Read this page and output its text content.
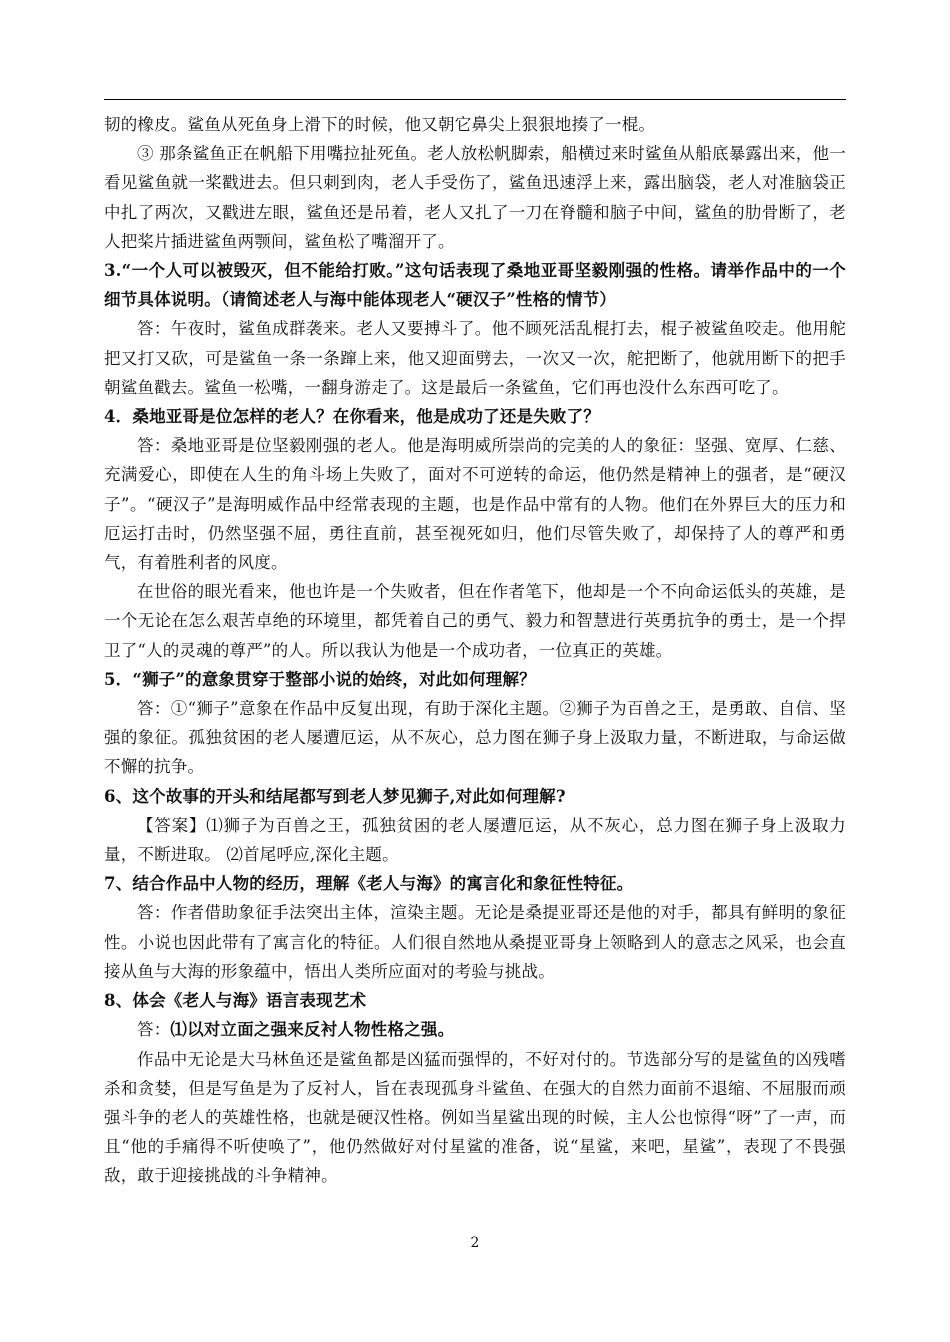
韧的橡皮。鲨鱼从死鱼身上滑下的时候，他又朝它鼻尖上狠狠地揍了一棍。

③ 那条鲨鱼正在帆船下用嘴拉扯死鱼。老人放松帆脚索，船横过来时鲨鱼从船底暴露出来，他一看见鲨鱼就一桨戳进去。但只刺到肉，老人手受伤了，鲨鱼迅速浮上来，露出脑袋，老人对准脑袋正中扎了两次，又戳进左眼，鲨鱼还是吊着，老人又扎了一刀在脊髓和脑子中间，鲨鱼的肋骨断了，老人把桨片插进鲨鱼两颚间，鲨鱼松了嘴溜开了。

3.“一个人可以被毁灭，但不能给打败。”这句话表现了桑地亚哥坚毅刚强的性格。请举作品中的一个细节具体说明。（请简述老人与海中能体现老人“硬汉子”性格的情节）

答：午夜时，鲨鱼成群袭来。老人又要搏斗了。他不顾死活乱棍打去，棍子被鲨鱼咬走。他用舵把又打又砍，可是鲨鱼一条一条蹿上来，他又迎面劈去，一次又一次，舵把断了，他就用断下的把手朝鲨鱼戳去。鲨鱼一松嘴，一翻身游走了。这是最后一条鲨鱼，它们再也没什么东西可吃了。

4．桑地亚哥是位怎样的老人？在你看来，他是成功了还是失败了？

答：桑地亚哥是位坚毅刚强的老人。他是海明威所崇尚的完美的人的象征：坚强、宽厚、仁慈、充满爱心，即使在人生的角斗场上失败了，面对不可逆转的命运，他仍然是精神上的强者，是“硬汉子”。“硬汉子”是海明威作品中经常表现的主题，也是作品中常有的人物。他们在外界巨大的压力和厄运打击时，仍然坚强不屈，勇往直前，甚至视死如归，他们尽管失败了，却保持了人的尊严和勇气，有着胜利者的风度。

在世俗的眼光看来，他也许是一个失败者，但在作者笔下，他却是一个不向命运低头的英雄，是一个无论在怎么艰苦卓绝的环境里，都凭着自己的勇气、毅力和智慧进行英勇抗争的勇士，是一个捍卫了“人的灵魂的尊严”的人。所以我认为他是一个成功者，一位真正的英雄。

5．“狮子”的意象贯穿于整部小说的始终，对此如何理解？

答：①“狮子”意象在作品中反复出现，有助于深化主题。②狮子为百兽之王，是勇敢、自信、坚强的象征。孤独贫困的老人屡遭厄运，从不灰心，总力图在狮子身上汲取力量，不断进取，与命运做不懈的抗争。

6、这个故事的开头和结尾都写到老人梦见狮子,对此如何理解?

【答案】⑴狮子为百兽之王，孤独贫困的老人屡遭厄运，从不灰心，总力图在狮子身上汲取力量，不断进取。 ⑵首尾呼应,深化主题。

7、结合作品中人物的经历，理解《老人与海》的寓言化和象征性特征。

答：作者借助象征手法突出主体，渲染主题。无论是桑提亚哥还是他的对手，都具有鲜明的象征性。小说也因此带有了寓言化的特征。人们很自然地从桑提亚哥身上领略到人的意志之风采，也会直接从鱼与大海的形象蕴中，悟出人类所应面对的考验与挑战。

8、体会《老人与海》语言表现艺术

答：⑴以对立面之强来反衬人物性格之强。

作品中无论是大马林鱼还是鲨鱼都是凶猛而强悍的，不好对付的。节选部分写的是鲨鱼的凶残嗜杀和贪婪，但是写鱼是为了反衬人，旨在表现孤身斗鲨鱼、在强大的自然力面前不退缩、不屈服而顽强斗争的老人的英雄性格，也就是硬汉性格。例如当星鲨出现的时候，主人公也惊得“呀”了一声，而且“他的手痛得不听使唤了”，他仍然做好对付星鲨的准备，说“星鲨，来吧，星鲨”，表现了不畏强敌，敢于迎接挑战的斗争精神。

2
